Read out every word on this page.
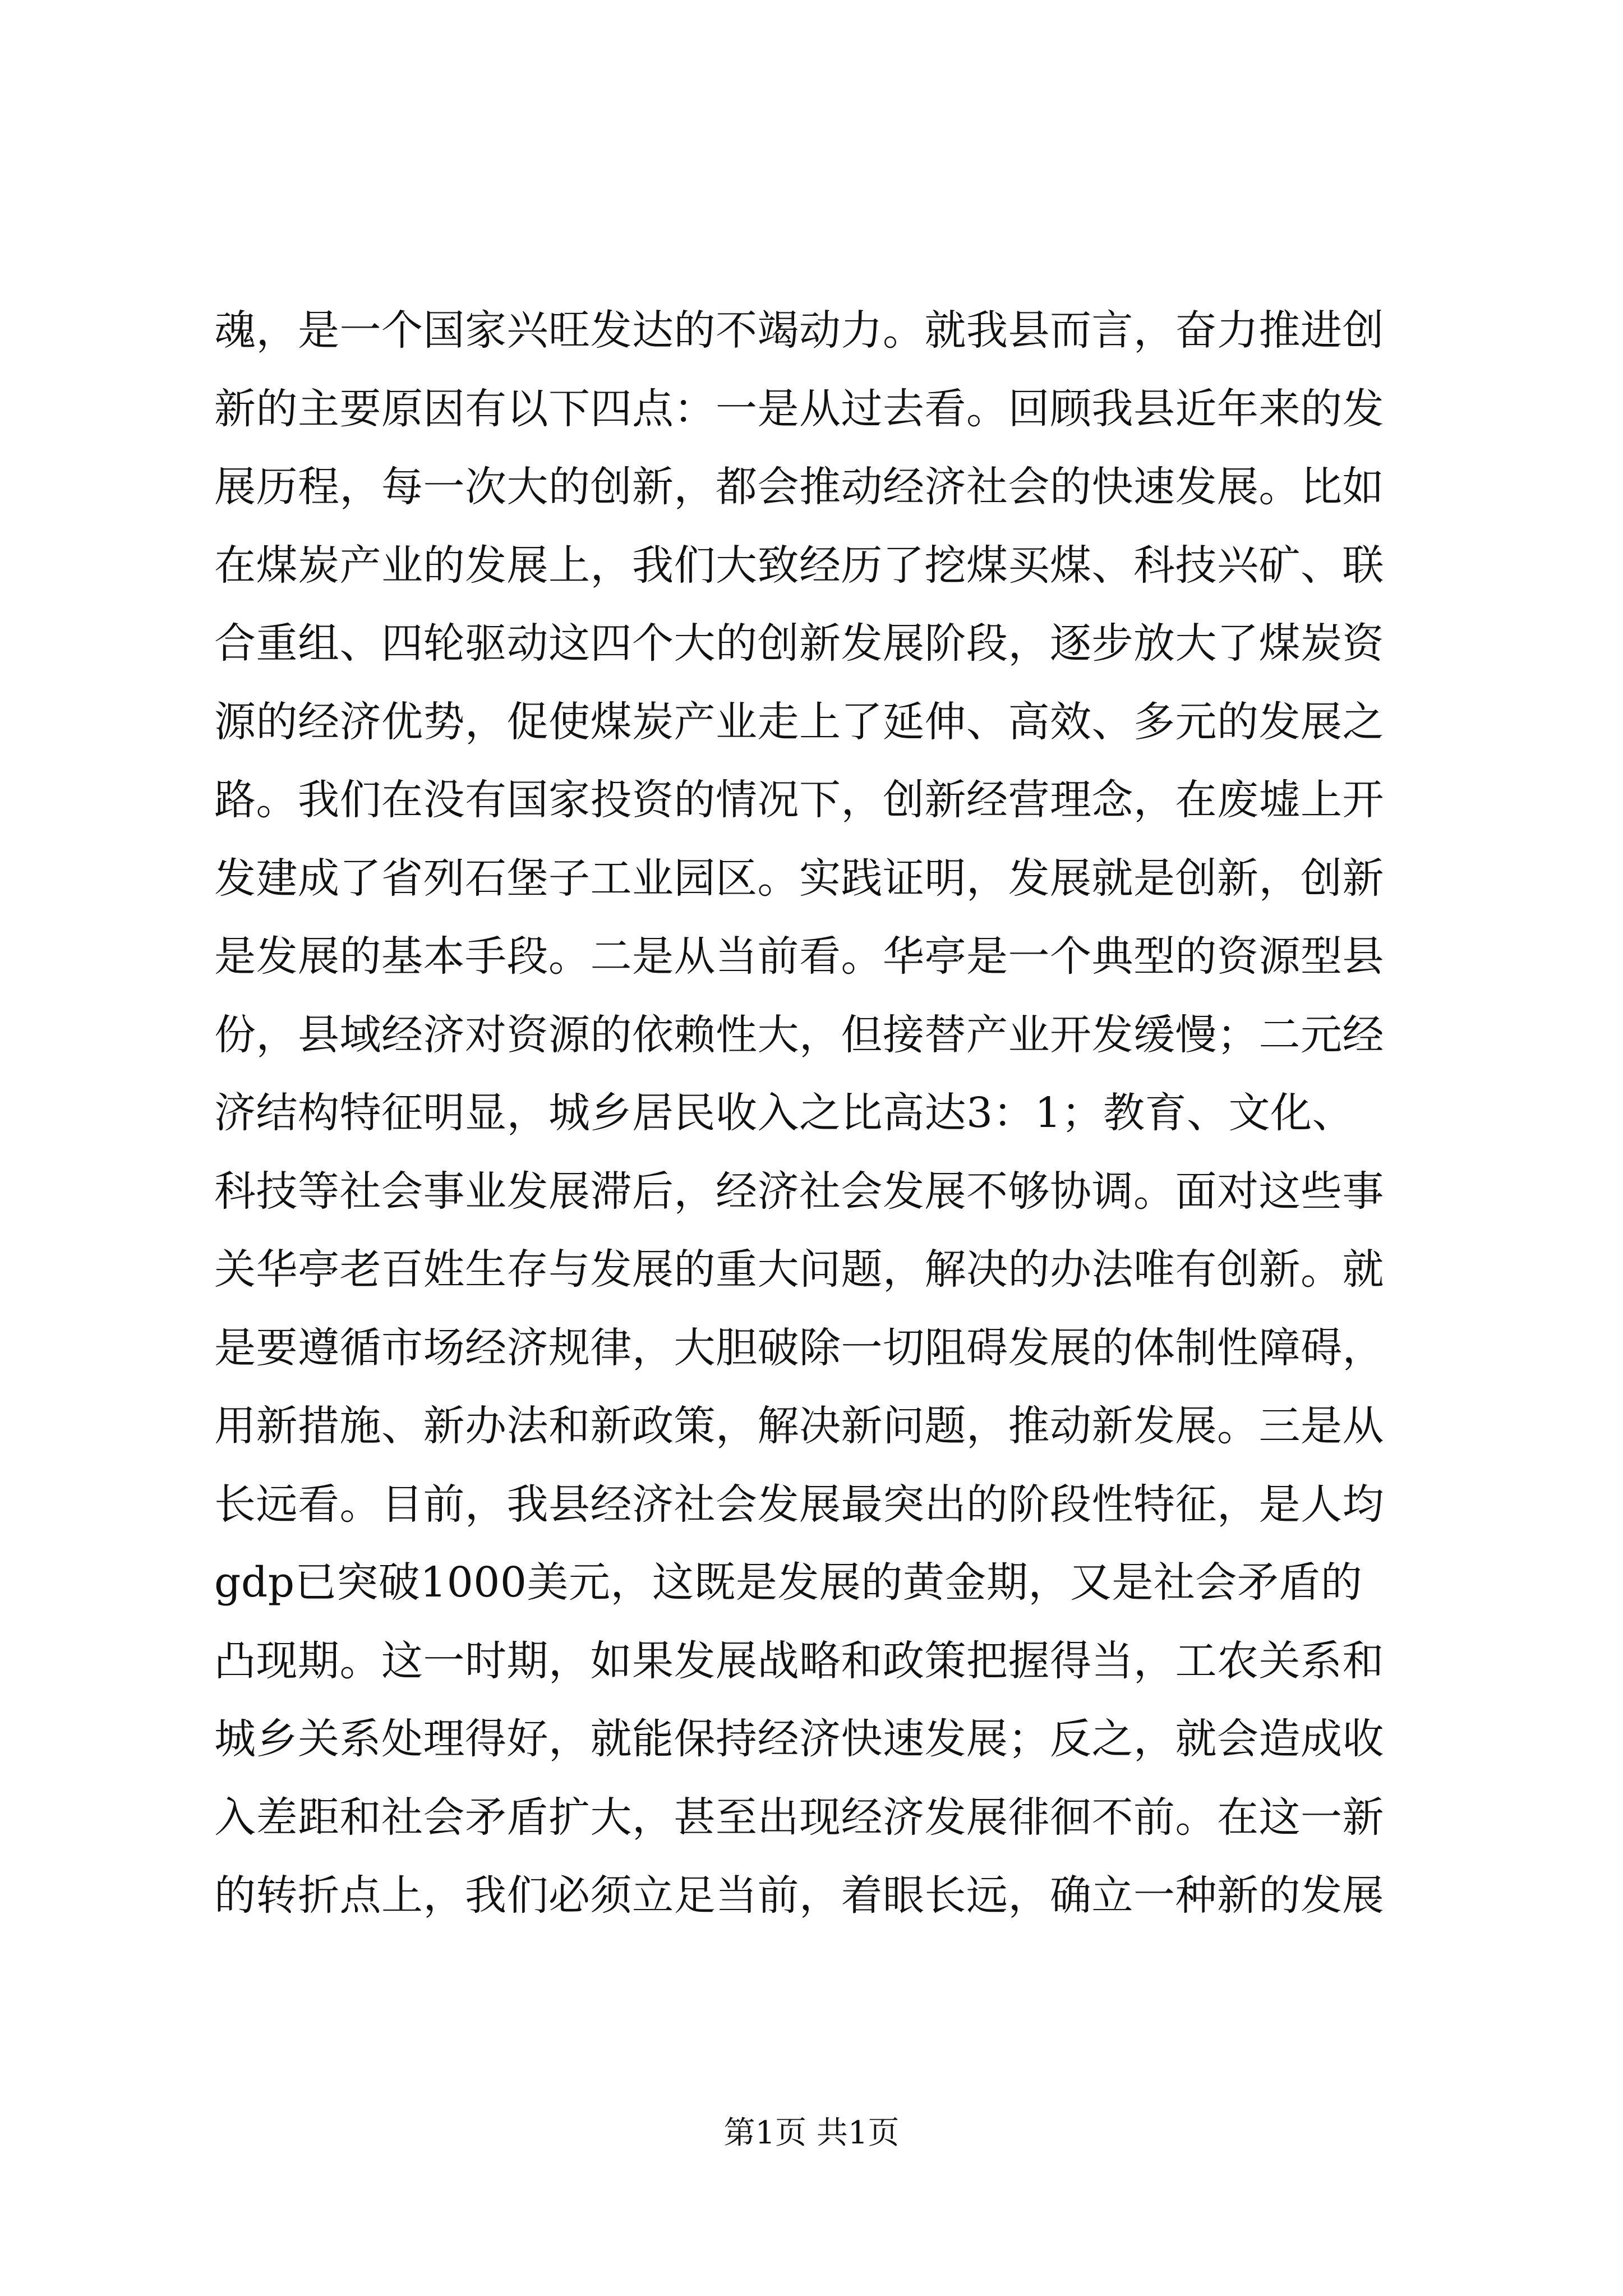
魂，是一个国家兴旺发达的不竭动力。就我县而言，奋力推进创
新的主要原因有以下四点：一是从过去看。回顾我县近年来的发
展历程，每一次大的创新，都会推动经济社会的快速发展。比如
在煤炭产业的发展上，我们大致经历了挖煤买煤、科技兴矿、联
合重组、四轮驱动这四个大的创新发展阶段，逐步放大了煤炭资
源的经济优势，促使煤炭产业走上了延伸、高效、多元的发展之
路。我们在没有国家投资的情况下，创新经营理念，在废墟上开
发建成了省列石堡子工业园区。实践证明，发展就是创新，创新
是发展的基本手段。二是从当前看。华亭是一个典型的资源型县
份，县域经济对资源的依赖性大，但接替产业开发缓慢；二元经
济结构特征明显，城乡居民收入之比高达3：1；教育、文化、
科技等社会事业发展滞后，经济社会发展不够协调。面对这些事
关华亭老百姓生存与发展的重大问题，解决的办法唯有创新。就
是要遵循市场经济规律，大胆破除一切阻碍发展的体制性障碍，
用新措施、新办法和新政策，解决新问题，推动新发展。三是从
长远看。目前，我县经济社会发展最突出的阶段性特征，是人均
gdp已突破1000美元，这既是发展的黄金期，又是社会矛盾的
凸现期。这一时期，如果发展战略和政策把握得当，工农关系和
城乡关系处理得好，就能保持经济快速发展；反之，就会造成收
入差距和社会矛盾扩大，甚至出现经济发展徘徊不前。在这一新
的转折点上，我们必须立足当前，着眼长远，确立一种新的发展
第1页 共1页
